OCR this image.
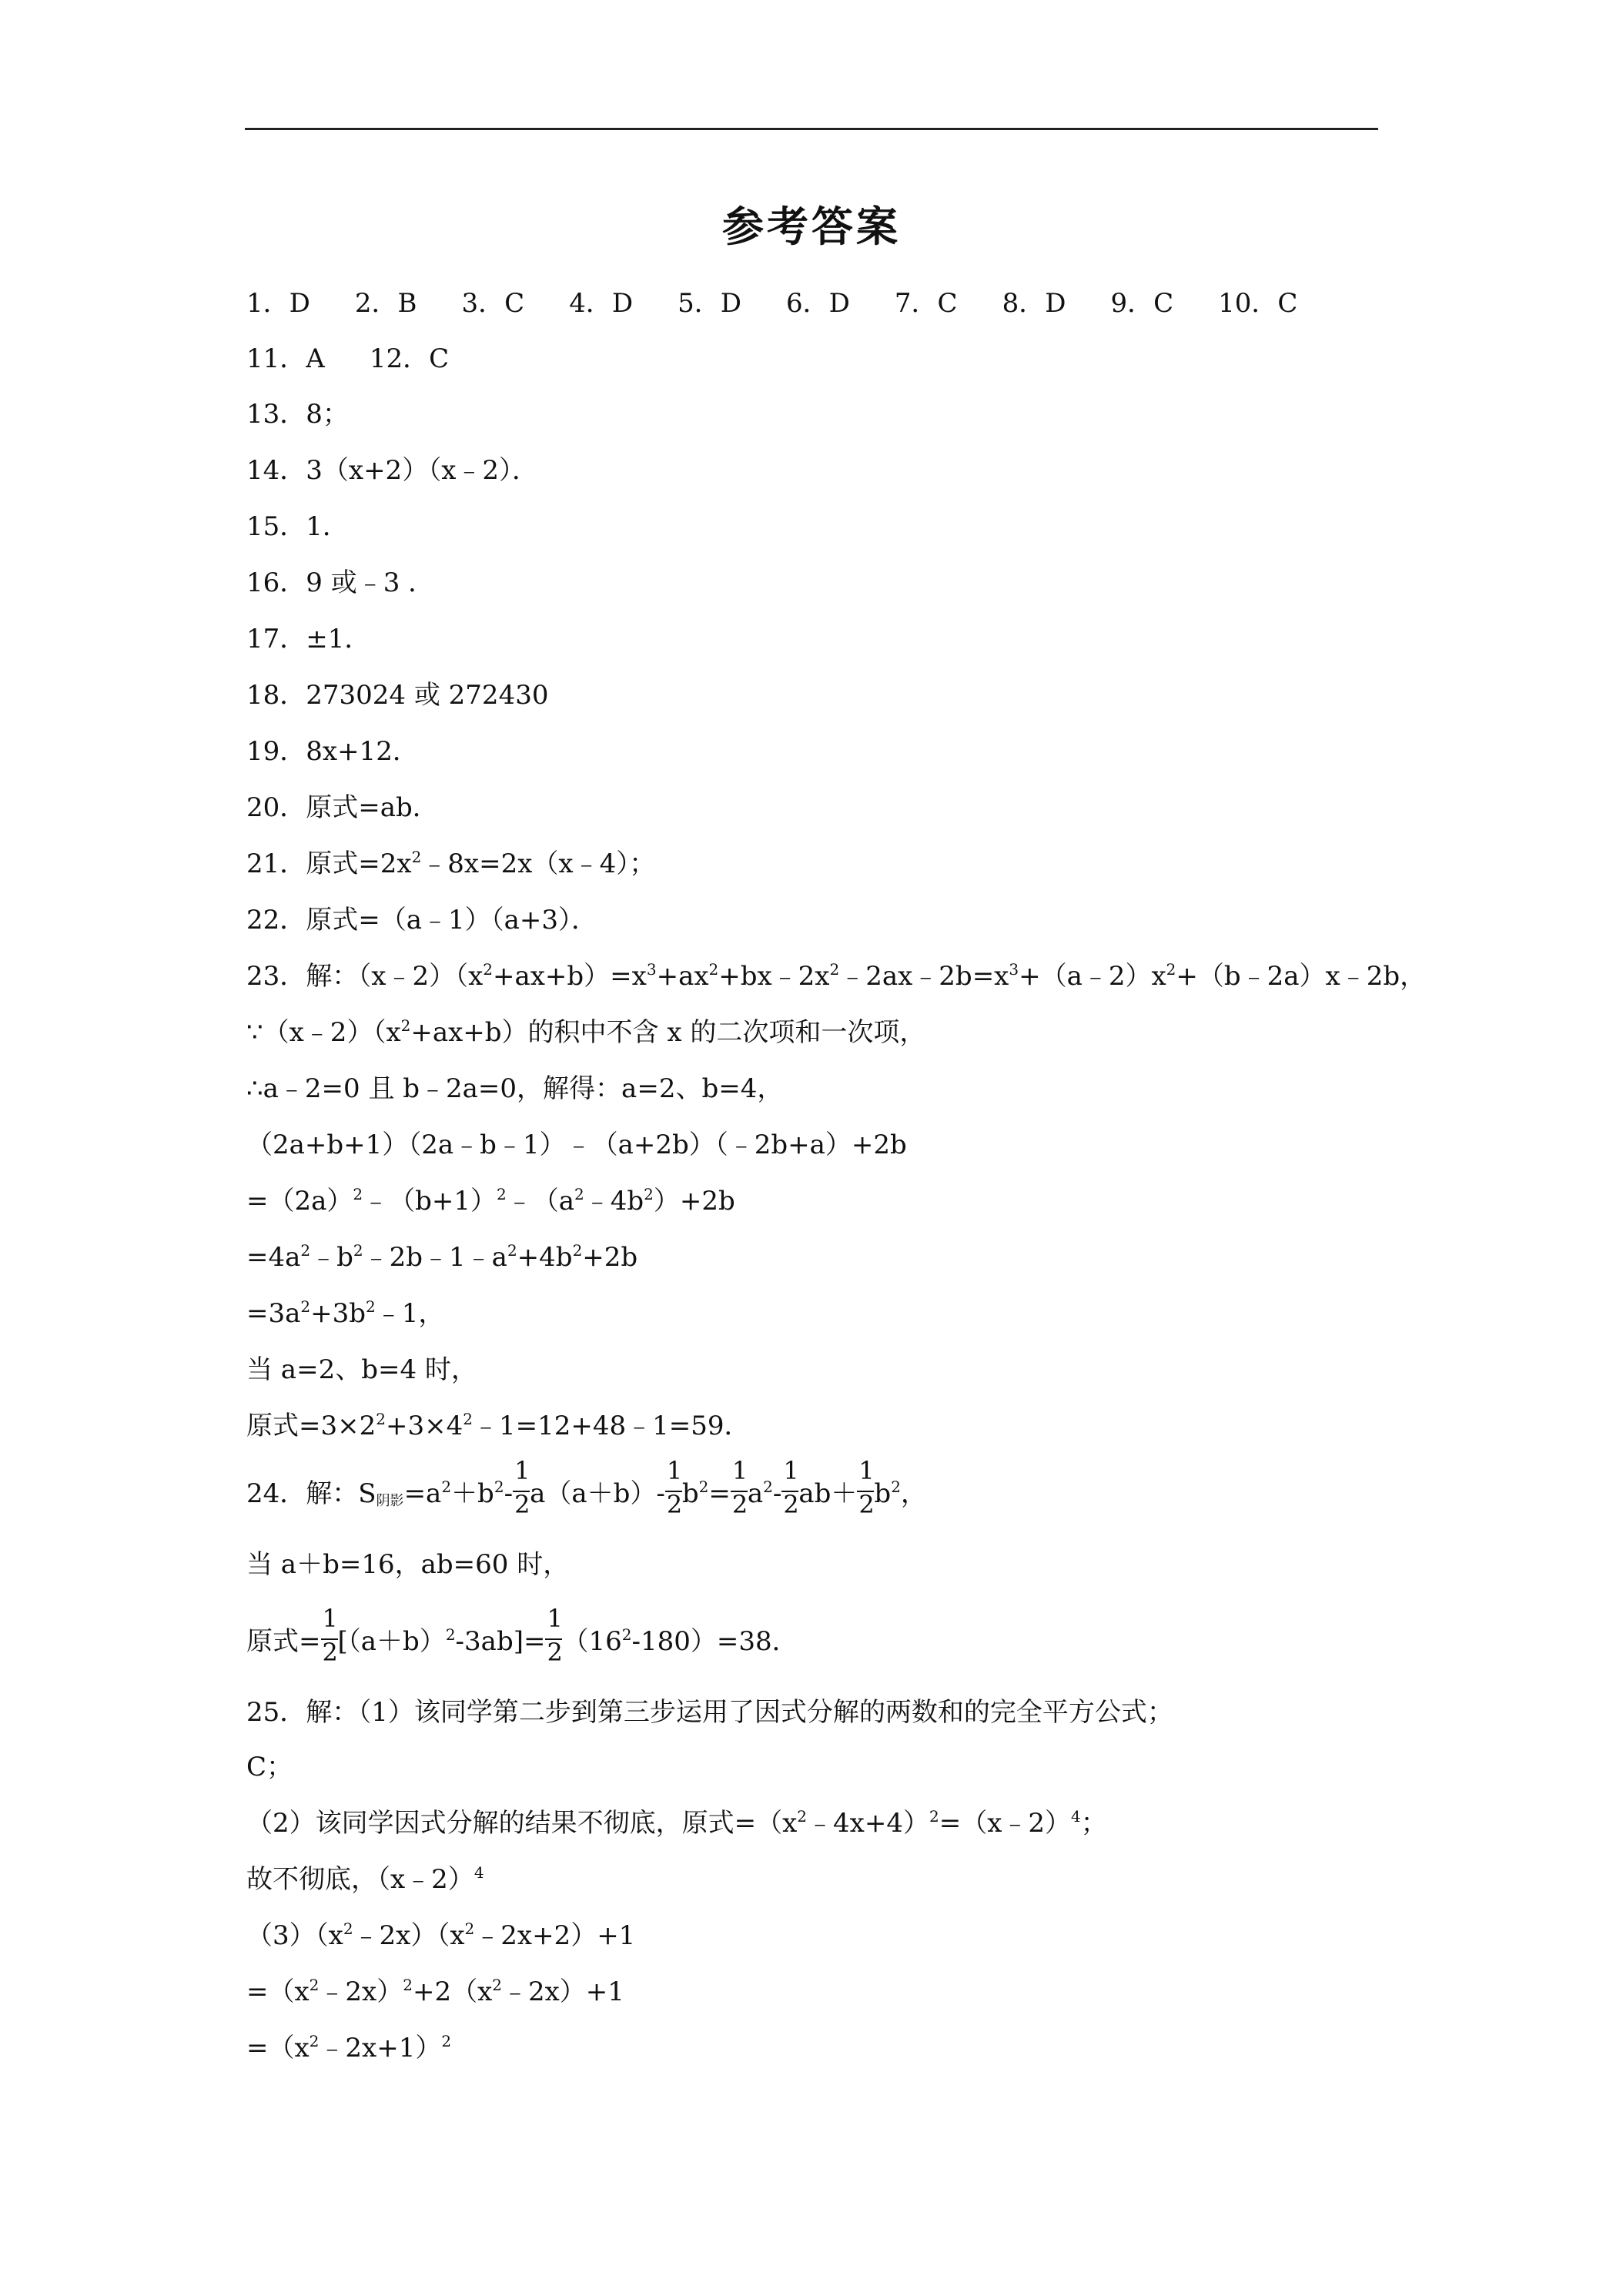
参考答案
1．D 2．B 3．C 4．D 5．D 6．D 7．C 8．D 9．C 10．C
11．A 12．C
13．8；
14．3（x+2）（x﹣2）．
15．1．
16．9 或﹣3 ．
17．±1．
18．273024 或 272430
19．8x+12．
20．原式=ab．
21．原式$=2x^2﹣8x=2x(x﹣4)$；
22．原式=（a﹣1）（a+3）．
23．解：$(x﹣2)(x^2+ax+b)=x^3+ax^2+bx﹣2x^2﹣2ax﹣2b=x^3+(a﹣2)x^2+(b﹣2a)x﹣2b$，
$\because(x﹣2)(x^2+ax+b)$的积中不含 x 的二次项和一次项，
∴a﹣2=0 且 b﹣2a=0，解得：a=2、b=4，
（2a+b+1）（2a﹣b﹣1）﹣（a+2b）（﹣2b+a）+2b
$=(2a)^2﹣(b+1)^2﹣(a^2﹣4b^2)+2b$
$=4a^2﹣b^2﹣2b﹣1﹣a^2+4b^2+2b$
$=3a^2+3b^2﹣1$，
当 a=2、b=4 时，
原式$=3\times 2^2+3\times 4^2﹣1=12+48﹣1=59$．
24．解：$S_{阴影}=a^2+b^2- \frac{1}{2} a(a+b)- \frac{1}{2} b^2= \frac{1}{2} a^2- \frac{1}{2} ab+ \frac{1}{2} b^2$，
当 a＋b=16，ab=60 时，
原式= $\frac{1}{2} [(a+b)^2-3ab]= \frac{1}{2} (16^2-180)=38$．
25．解：（1）该同学第二步到第三步运用了因式分解的两数和的完全平方公式；
C；
（2）该同学因式分解的结果不彻底，原式$=(x^2﹣4x+4)^2=(x﹣2)^4$；
故不彻底，（x﹣2）$^4$
$(3)(x^2﹣2x)(x^2﹣2x+2)+1$
$=(x^2﹣2x)^2+2(x^2﹣2x)+1$
$=(x^2﹣2x+1)^2$
